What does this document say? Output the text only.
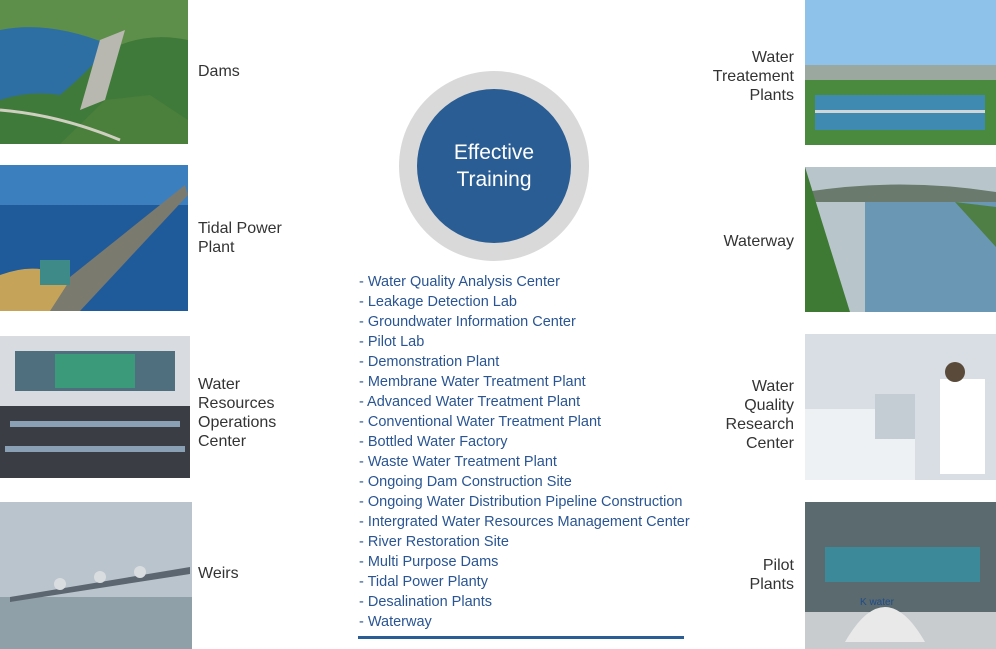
Dams
Tidal Power
Plant
Water
Resources
Operations
Center
Weirs
Effective
Training
- Water Quality Analysis Center
- Leakage Detection Lab
- Groundwater Information Center
- Pilot Lab
- Demonstration Plant
- Membrane Water Treatment Plant
- Advanced Water Treatment Plant
- Conventional Water Treatment Plant
- Bottled Water Factory
- Waste Water Treatment Plant
- Ongoing Dam Construction Site
- Ongoing Water Distribution Pipeline Construction
- Intergrated Water Resources Management Center
- River Restoration Site
- Multi Purpose Dams
- Tidal Power Planty
- Desalination Plants
- Waterway
Water
Treatement
Plants
Waterway
Water
Quality
Research
Center
Pilot
Plants
K water
